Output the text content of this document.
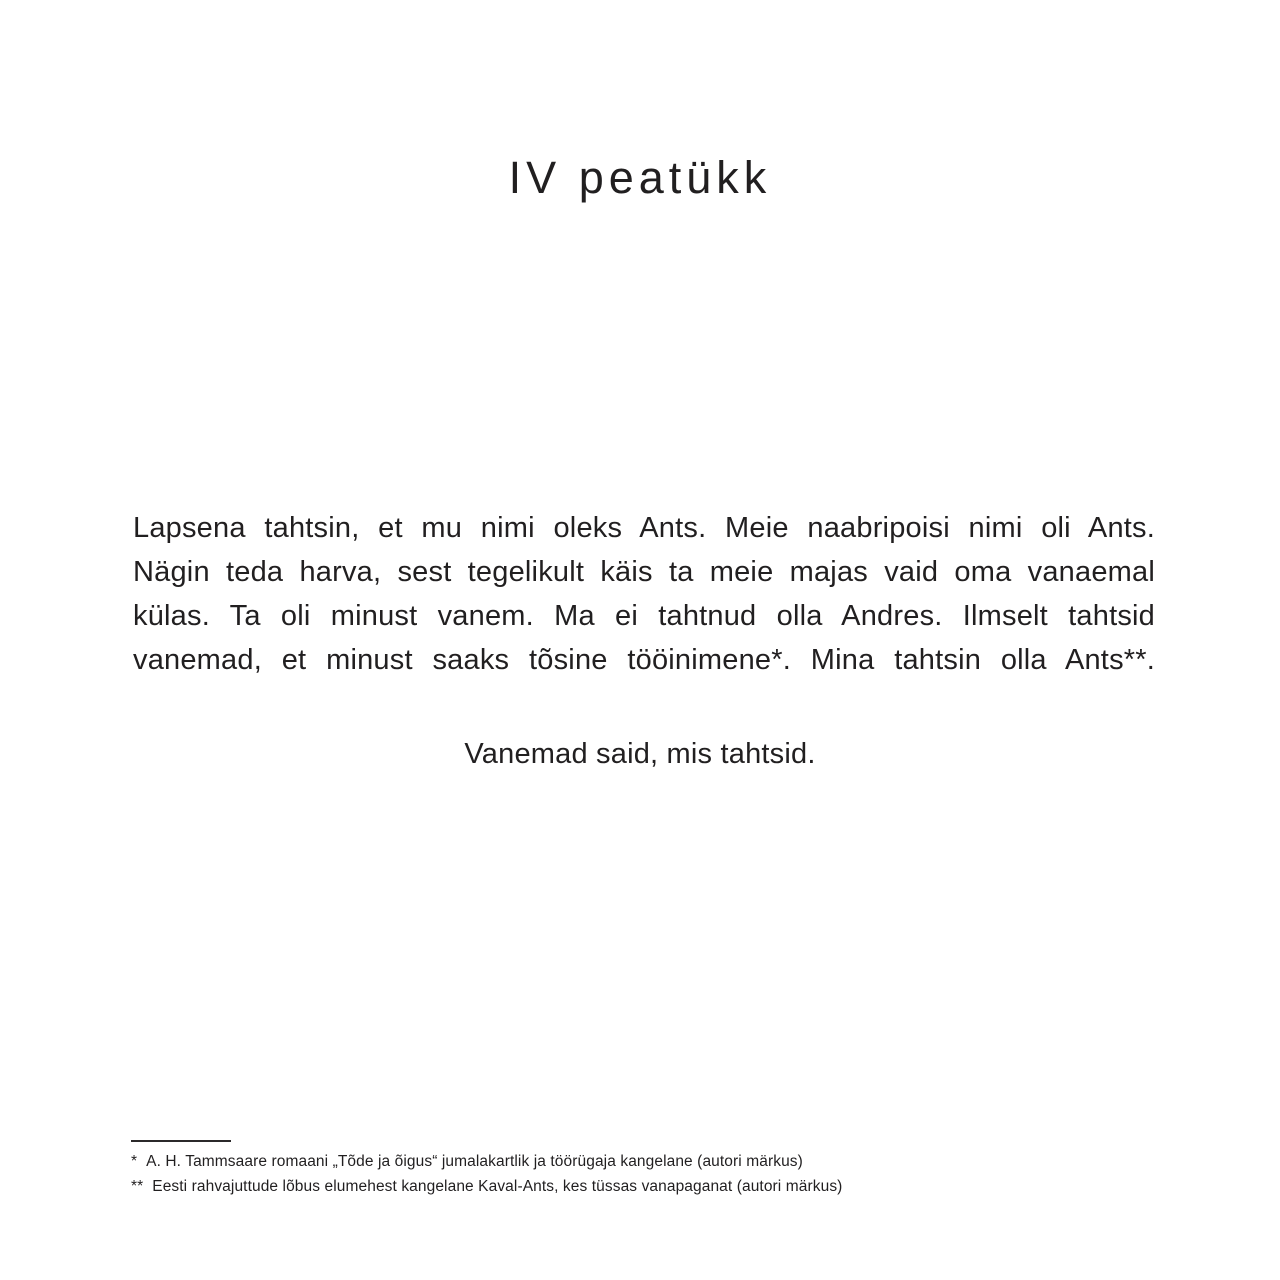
IV peatükk
Lapsena tahtsin, et mu nimi oleks Ants. Meie naabripoisi nimi oli Ants.
Nägin teda harva, sest tegelikult käis ta meie majas vaid oma vanaemal
külas. Ta oli minust vanem. Ma ei tahtnud olla Andres. Ilmselt tahtsid
vanemad, et minust saaks tõsine tööinimene*. Mina tahtsin olla Ants**.
Vanemad said, mis tahtsid.
* A. H. Tammsaare romaani „Tõde ja õigus“ jumalakartlik ja töörügaja kangelane (autori märkus)
** Eesti rahvajuttude lõbus elumehest kangelane Kaval-Ants, kes tüssas vanapaganat (autori märkus)
